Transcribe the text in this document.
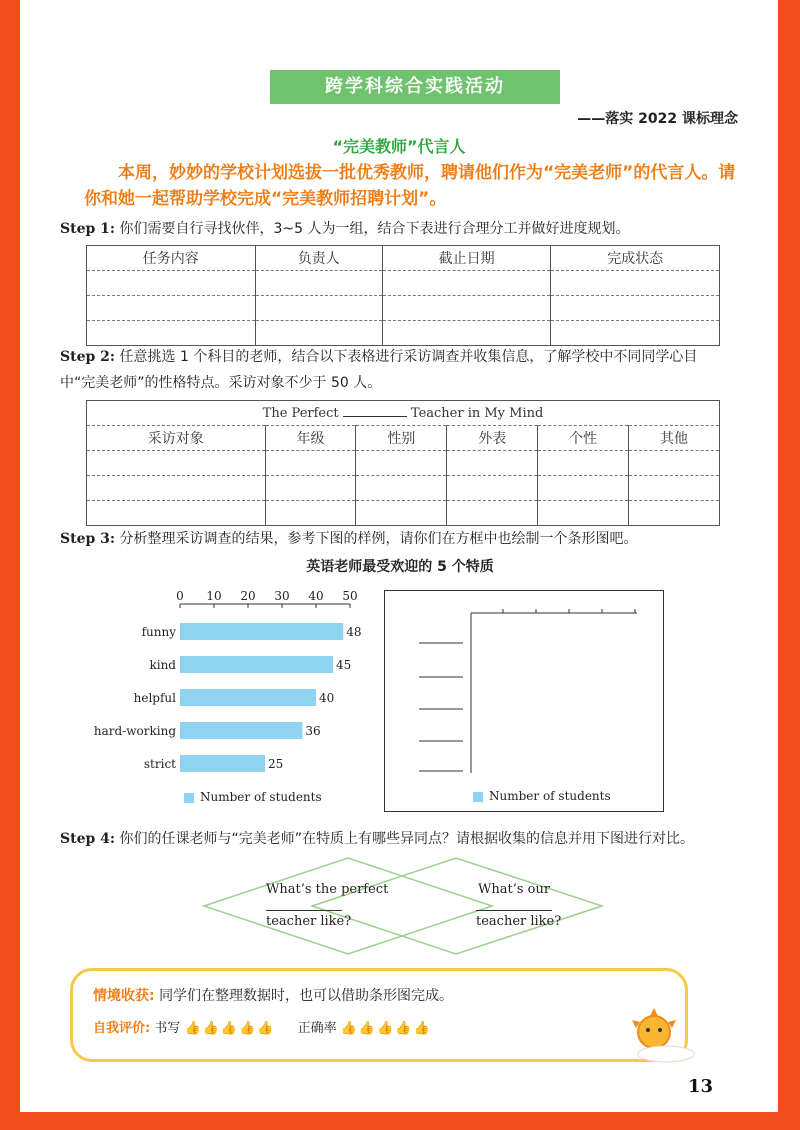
跨学科综合实践活动
——落实 2022 课标理念
“完美教师”代言人
本周，妙妙的学校计划选拔一批优秀教师，聘请他们作为“完美老师”的代言人。请你和她一起帮助学校完成“完美教师招聘计划”。
Step 1: 你们需要自行寻找伙伴，3~5 人为一组，结合下表进行合理分工并做好进度规划。
任务内容	负责人	截止日期	完成状态

Step 2: 任意挑选 1 个科目的老师，结合以下表格进行采访调查并收集信息，了解学校中不同同学心目中“完美老师”的性格特点。采访对象不少于 50 人。
The Perfect Teacher in My Mind					
采访对象	年级	性别	外表	个性	其他

Step 3: 分析整理采访调查的结果，参考下图的样例，请你们在方框中也绘制一个条形图吧。
英语老师最受欢迎的 5 个特质
0 10 20 30 40 50
funny	48
kind	45
helpful	40
hard-working	36
strict	25
Number of students	Number of students
Step 4: 你们的任课老师与“完美老师”在特质上有哪些异同点？请根据收集的信息并用下图进行对比。
What’s the perfect
teacher like?
What’s our
teacher like?
情境收获: 同学们在整理数据时，也可以借助条形图完成。
自我评价: 书写 👍👍👍👍👍 正确率 👍👍👍👍👍
13
